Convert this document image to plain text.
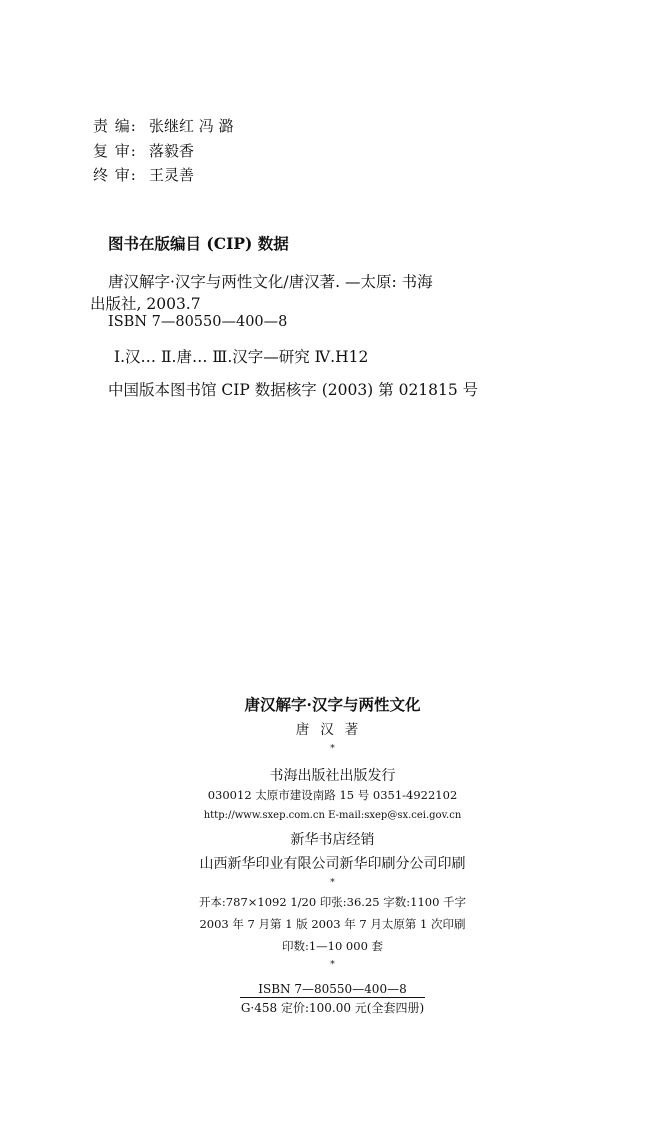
责 编: 张继红 冯 潞
复 审: 落毅香
终 审: 王灵善
图书在版编目 (CIP) 数据
唐汉解字·汉字与两性文化/唐汉著. —太原: 书海
出版社, 2003.7
ISBN 7—80550—400—8
Ⅰ.汉… Ⅱ.唐… Ⅲ.汉字—研究 Ⅳ.H12
中国版本图书馆 CIP 数据核字 (2003) 第 021815 号
唐汉解字·汉字与两性文化
唐汉著
*
书海出版社出版发行
030012 太原市建设南路 15 号 0351-4922102
http://www.sxep.com.cn E-mail:sxep@sx.cei.gov.cn
新华书店经销
山西新华印业有限公司新华印刷分公司印刷
*
开本:787×1092 1/20 印张:36.25 字数:1100 千字
2003 年 7 月第 1 版 2003 年 7 月太原第 1 次印刷
印数:1—10 000 套
*
ISBN 7—80550—400—8
G·458 定价:100.00 元(全套四册)
